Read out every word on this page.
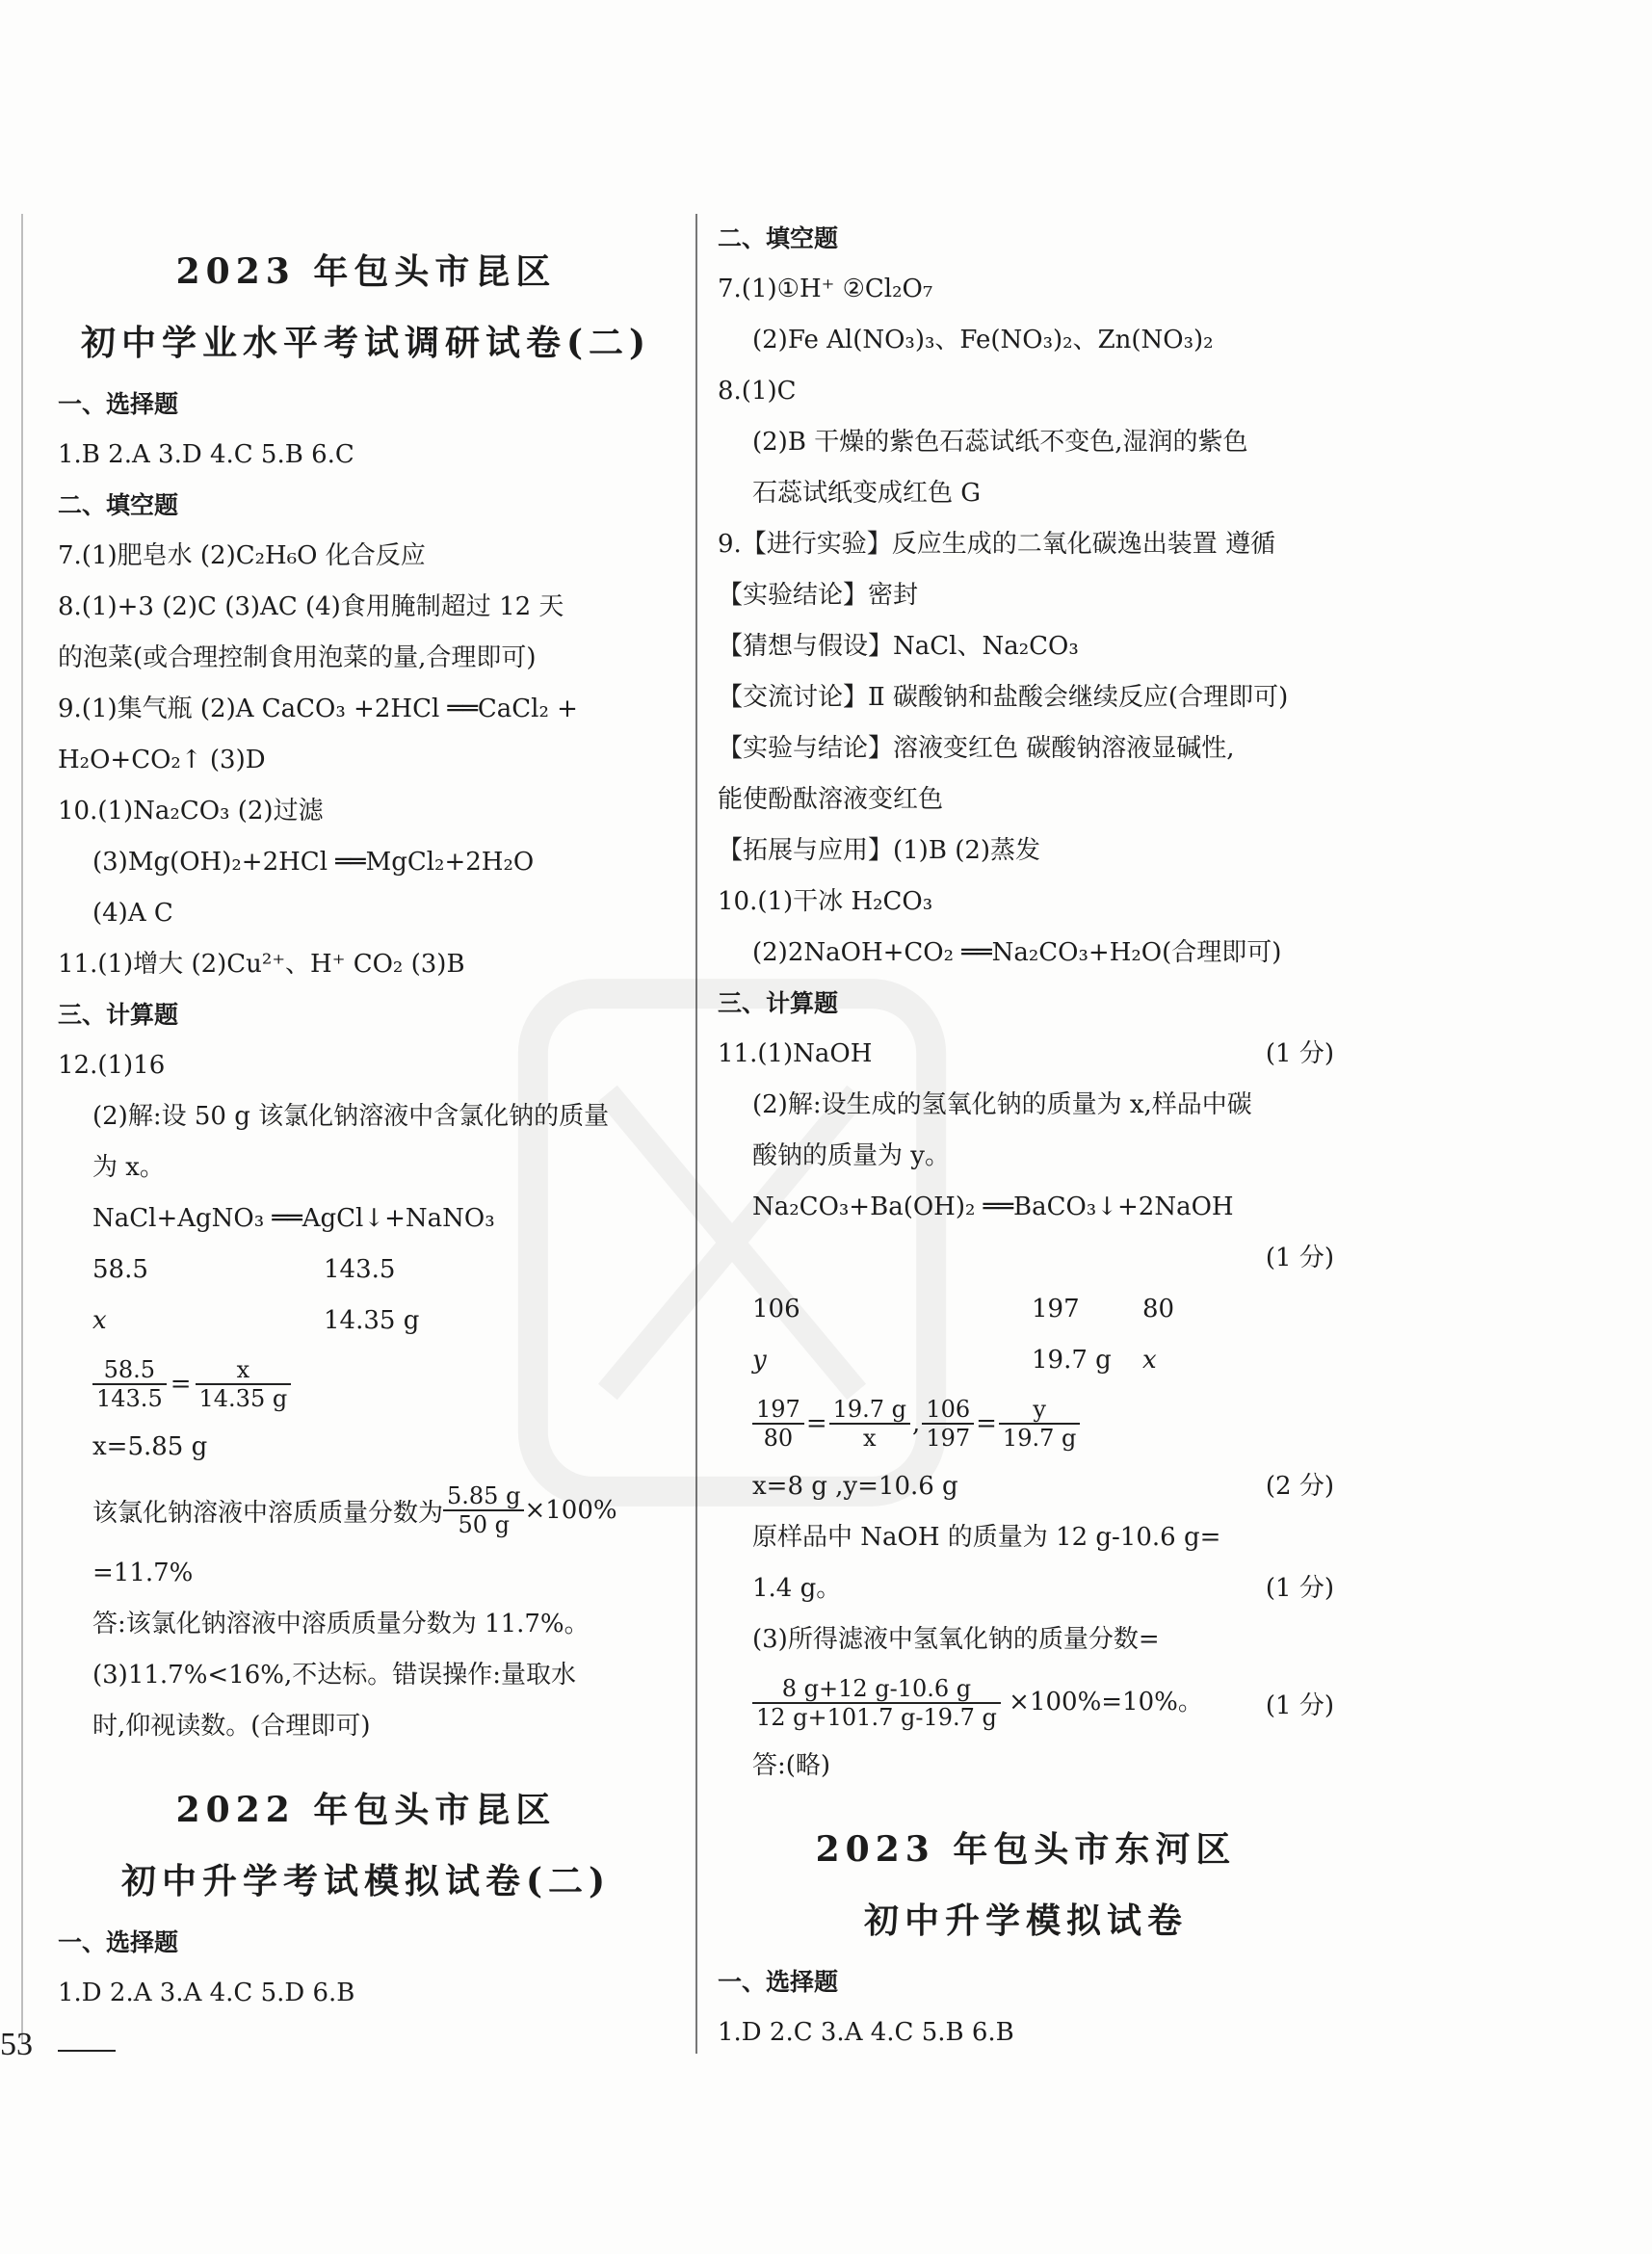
2023 年包头市昆区
初中学业水平考试调研试卷(二)
一、选择题
1.B 2.A 3.D 4.C 5.B 6.C
二、填空题
7.(1)肥皂水 (2)C₂H₆O 化合反应
8.(1)+3 (2)C (3)AC (4)食用腌制超过 12 天
的泡菜(或合理控制食用泡菜的量,合理即可)
9.(1)集气瓶 (2)A CaCO₃ +2HCl ══CaCl₂ +
H₂O+CO₂↑ (3)D
10.(1)Na₂CO₃ (2)过滤
(3)Mg(OH)₂+2HCl ══MgCl₂+2H₂O
(4)A C
11.(1)增大 (2)Cu²⁺、H⁺ CO₂ (3)B
三、计算题
12.(1)16
(2)解:设 50 g 该氯化钠溶液中含氯化钠的质量
为 x。
NaCl+AgNO₃ ══AgCl↓+NaNO₃
58.5	143.5
x	14.35 g
$\frac{58.5}{143.5} = \frac{x}{14.35 g}$
x=5.85 g
该氯化钠溶液中溶质质量分数为 $\frac{5.85 g}{50 g} \times 100\%$
=11.7%
答:该氯化钠溶液中溶质质量分数为 11.7%。
(3)11.7%<16%,不达标。错误操作:量取水
时,仰视读数。(合理即可)
2022 年包头市昆区
初中升学考试模拟试卷(二)
一、选择题
1.D 2.A 3.A 4.C 5.D 6.B
二、填空题
7.(1)①H⁺ ②Cl₂O₇
(2)Fe Al(NO₃)₃、Fe(NO₃)₂、Zn(NO₃)₂
8.(1)C
(2)B 干燥的紫色石蕊试纸不变色,湿润的紫色
石蕊试纸变成红色 G
9.【进行实验】反应生成的二氧化碳逸出装置 遵循
【实验结论】密封
【猜想与假设】NaCl、Na₂CO₃
【交流讨论】Ⅱ 碳酸钠和盐酸会继续反应(合理即可)
【实验与结论】溶液变红色 碳酸钠溶液显碱性,
能使酚酞溶液变红色
【拓展与应用】(1)B (2)蒸发
10.(1)干冰 H₂CO₃
(2)2NaOH+CO₂ ══Na₂CO₃+H₂O(合理即可)
三、计算题
11.(1)NaOH	(1 分)
(2)解:设生成的氢氧化钠的质量为 x,样品中碳
酸钠的质量为 y。
Na₂CO₃+Ba(OH)₂ ══BaCO₃↓+2NaOH
(1 分)
106	197	80
y	19.7 g	x
$\frac{197}{80} = \frac{19.7 g}{x}$ , $\frac{106}{197} = \frac{y}{19.7 g}$
x=8 g ,y=10.6 g	(2 分)
原样品中 NaOH 的质量为 12 g-10.6 g=
1.4 g。	(1 分)
(3)所得滤液中氢氧化钠的质量分数=
$\frac{8 g+12 g-10.6 g}{12 g+101.7 g-19.7 g} \times 100\%=10\%$。	(1 分)
答:(略)
2023 年包头市东河区
初中升学模拟试卷
一、选择题
1.D 2.C 3.A 4.C 5.B 6.B
53
